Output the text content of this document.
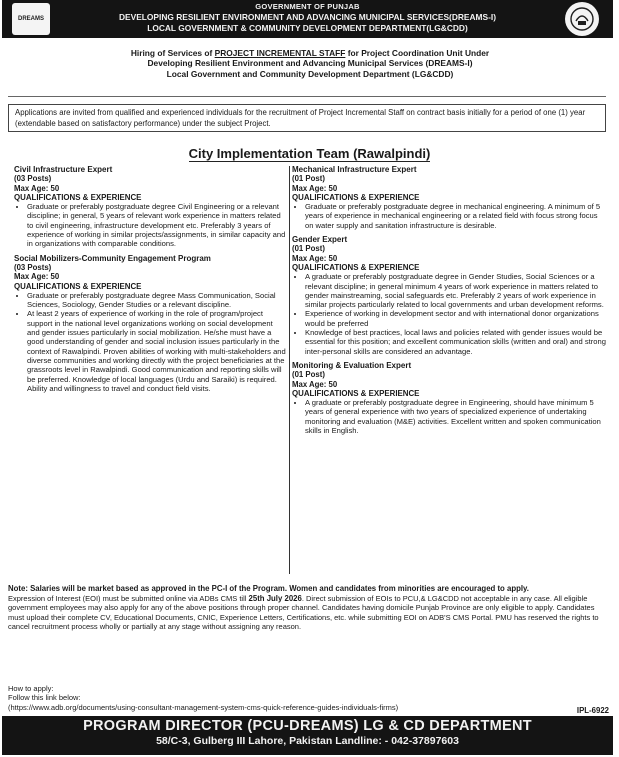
DREAMS
GOVERNMENT OF PUNJAB
DEVELOPING RESILIENT ENVIRONMENT AND ADVANCING MUNICIPAL SERVICES(DREAMS-I)
LOCAL GOVERNMENT & COMMUNITY DEVELOPMENT DEPARTMENT(LG&CDD)
Hiring of Services of PROJECT INCREMENTAL STAFF for Project Coordination Unit Under
Developing Resilient Environment and Advancing Municipal Services (DREAMS-I)
Local Government and Community Development Department (LG&CDD)
Applications are invited from qualified and experienced individuals for the recruitment of Project Incremental Staff on contract basis initially for a period of one (1) year (extendable based on satisfactory performance) under the subject Project.
City Implementation Team (Rawalpindi)
Civil Infrastructure Expert
(03 Posts)
Max Age: 50
QUALIFICATIONS & EXPERIENCE
• Graduate or preferably postgraduate degree Civil Engineering or a relevant discipline; in general, 5 years of relevant work experience in matters related to civil engineering, infrastructure development etc. Preferably 3 years of experience of working in similar projects/assignments, in similar capacity and in organizations with comparable conditions.
Social Mobilizers-Community Engagement Program
(03 Posts)
Max Age: 50
QUALIFICATIONS & EXPERIENCE
• Graduate or preferably postgraduate degree Mass Communication, Social Sciences, Sociology, Gender Studies or a relevant discipline.
• At least 2 years of experience of working in the role of program/project support in the national level organizations working on social development and gender issues particularly in social mobilization. He/she must have a good understanding of gender and social inclusion issues particularly in the context of Rawalpindi. Proven abilities of working with multi-stakeholders and diverse communities and working directly with the project beneficiaries at the grassroots level in Rawalpindi. Good communication and reporting skills will be preferred. Knowledge of local languages (Urdu and Saraiki) is required. Ability and willingness to travel and conduct field visits.
Mechanical Infrastructure Expert
(01 Post)
Max Age: 50
QUALIFICATIONS & EXPERIENCE
• Graduate or preferably postgraduate degree in mechanical engineering. A minimum of 5 years of experience in mechanical engineering or a related field with focus strong focus on water supply and sanitation infrastructure is desirable.
Gender Expert
(01 Post)
Max Age: 50
QUALIFICATIONS & EXPERIENCE
• A graduate or preferably postgraduate degree in Gender Studies, Social Sciences or a relevant discipline; in general minimum 4 years of work experience in matters related to gender mainstreaming, social safeguards etc. Preferably 2 years of work experience in similar projects particularly related to local governments and urban development reforms.
• Experience of working in development sector and with international donor organizations would be preferred
• Knowledge of best practices, local laws and policies related with gender issues would be essential for this position; and excellent communication skills (written and oral) and strong inter-personal skills are considered an advantage.
Monitoring & Evaluation Expert
(01 Post)
Max Age: 50
QUALIFICATIONS & EXPERIENCE
• A graduate or preferably postgraduate degree in Engineering, should have minimum 5 years of general experience with two years of specialized experience of undertaking monitoring and evaluation (M&E) activities. Excellent written and spoken communication skills in English.
Note: Salaries will be market based as approved in the PC-I of the Program. Women and candidates from minorities are encouraged to apply.
Expression of Interest (EOI) must be submitted online via ADBs CMS till 25th July 2026. Direct submission of EOIs to PCU,& LG&CDD not acceptable in any case. All eligible government employees may also apply for any of the above positions through proper channel. Candidates having domicile Punjab Province are only eligible to apply. Candidates must upload their complete CV, Educational Documents, CNIC, Experience Letters, Certifications, etc. while submitting EOI on ADB'S CMS Portal. PMU has reserved the rights to cancel recruitment process wholly or partially at any stage without assigning any reason.
How to apply:
Follow this link below:
(https://www.adb.org/documents/using-consultant-management-system-cms-quick-reference-guides-individuals-firms)	IPL-6922
PROGRAM DIRECTOR (PCU-DREAMS) LG & CD DEPARTMENT
58/C-3, Gulberg III Lahore, Pakistan Landline: - 042-37897603
